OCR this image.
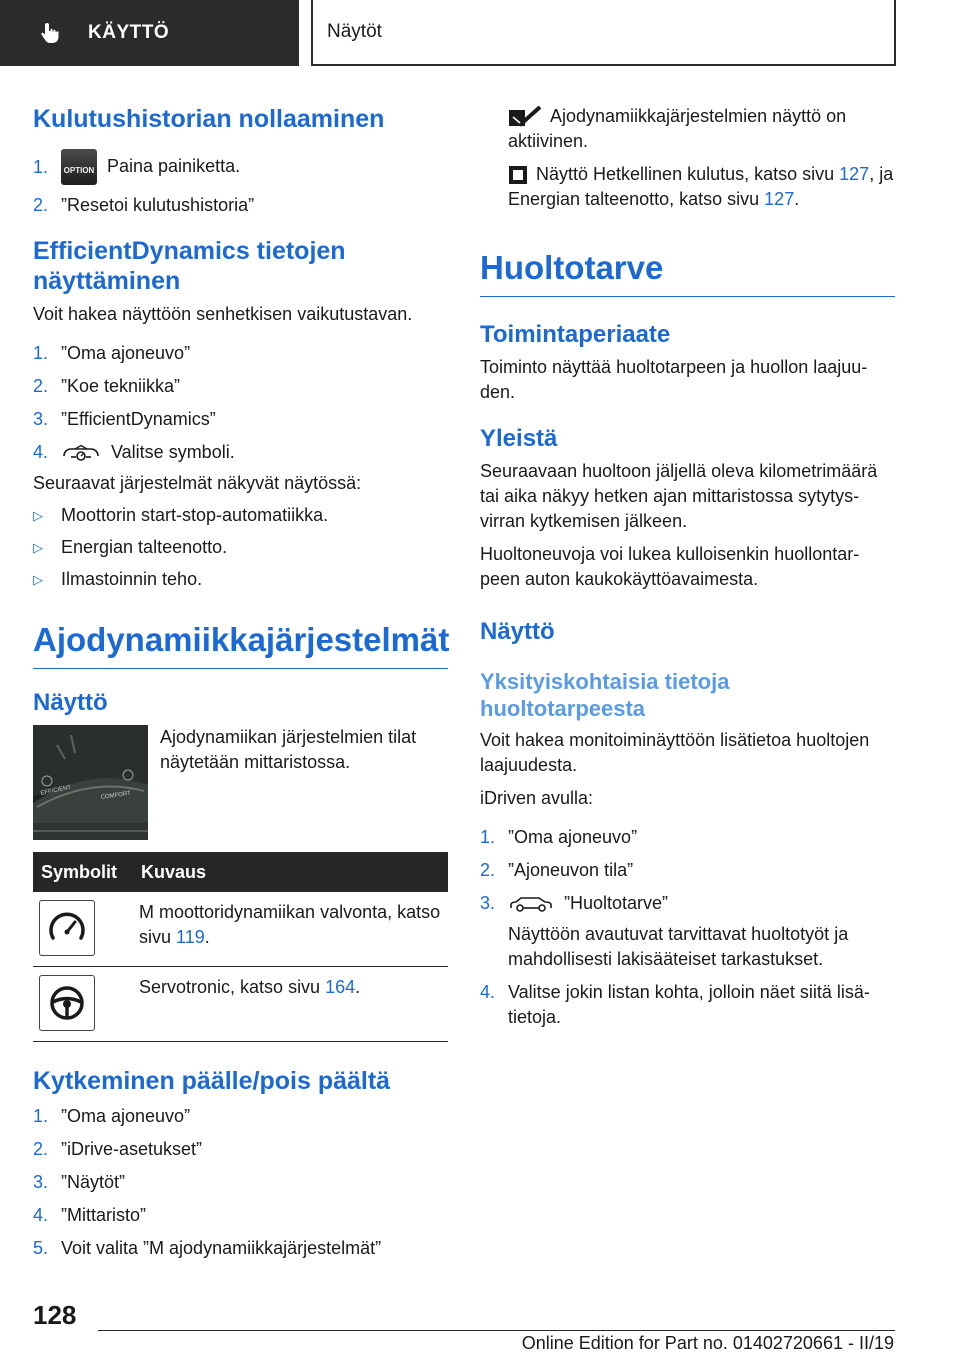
KÄYTTÖ	Näytöt
Kulutushistorian nollaaminen
1.	OPTION Paina painiketta.
2. ”Resetoi kulutushistoria”
EfficientDynamics tietojen
näyttäminen
Voit hakea näyttöön senhetkisen vaikutustavan.
1. ”Oma ajoneuvo”
2. ”Koe tekniikka”
3. ”EfficientDynamics”
4.	Valitse symboli.
Seuraavat järjestelmät näkyvät näytössä:
▷	Moottorin start-stop-automatiikka.
▷	Energian talteenotto.
▷	Ilmastoinnin teho.
Ajodynamiikkajärjestelmät
Näyttö
EFFICIENT	COMFORT
Ajodynamiikan järjestelmien tilat näytetään mittaristossa.
Symbolit	Kuvaus

	M moottoridynamiikan valvonta, katso sivu 119.

	Servotronic, katso sivu 164.
Kytkeminen päälle/pois päältä
1. ”Oma ajoneuvo”
2. ”iDrive-asetukset”
3. ”Näytöt”
4. ”Mittaristo”
5. Voit valita ”M ajodynamiikkajärjestelmät”
Ajodynamiikkajärjestelmien näyttö on aktiivinen.
Näyttö Hetkellinen kulutus, katso sivu 127, ja Energian talteenotto, katso sivu 127.
Huoltotarve
Toimintaperiaate
Toiminto näyttää huoltotarpeen ja huollon laajuu-den.
Yleistä
Seuraavaan huoltoon jäljellä oleva kilometrimäärä tai aika näkyy hetken ajan mittaristossa sytytys-virran kytkemisen jälkeen.
Huoltoneuvoja voi lukea kulloisenkin huollontar-peen auton kaukokäyttöavaimesta.
Näyttö
Yksityiskohtaisia tietoja
huoltotarpeesta
Voit hakea monitoiminäyttöön lisätietoa huoltojen laajuudesta.
iDriven avulla:
1. ”Oma ajoneuvo”
2. ”Ajoneuvon tila”
3.	”Huoltotarve”
Näyttöön avautuvat tarvittavat huoltotyöt ja mahdollisesti lakisääteiset tarkastukset.
4. Valitse jokin listan kohta, jolloin näet siitä lisä-tietoja.
128
Online Edition for Part no. 01402720661 - II/19
